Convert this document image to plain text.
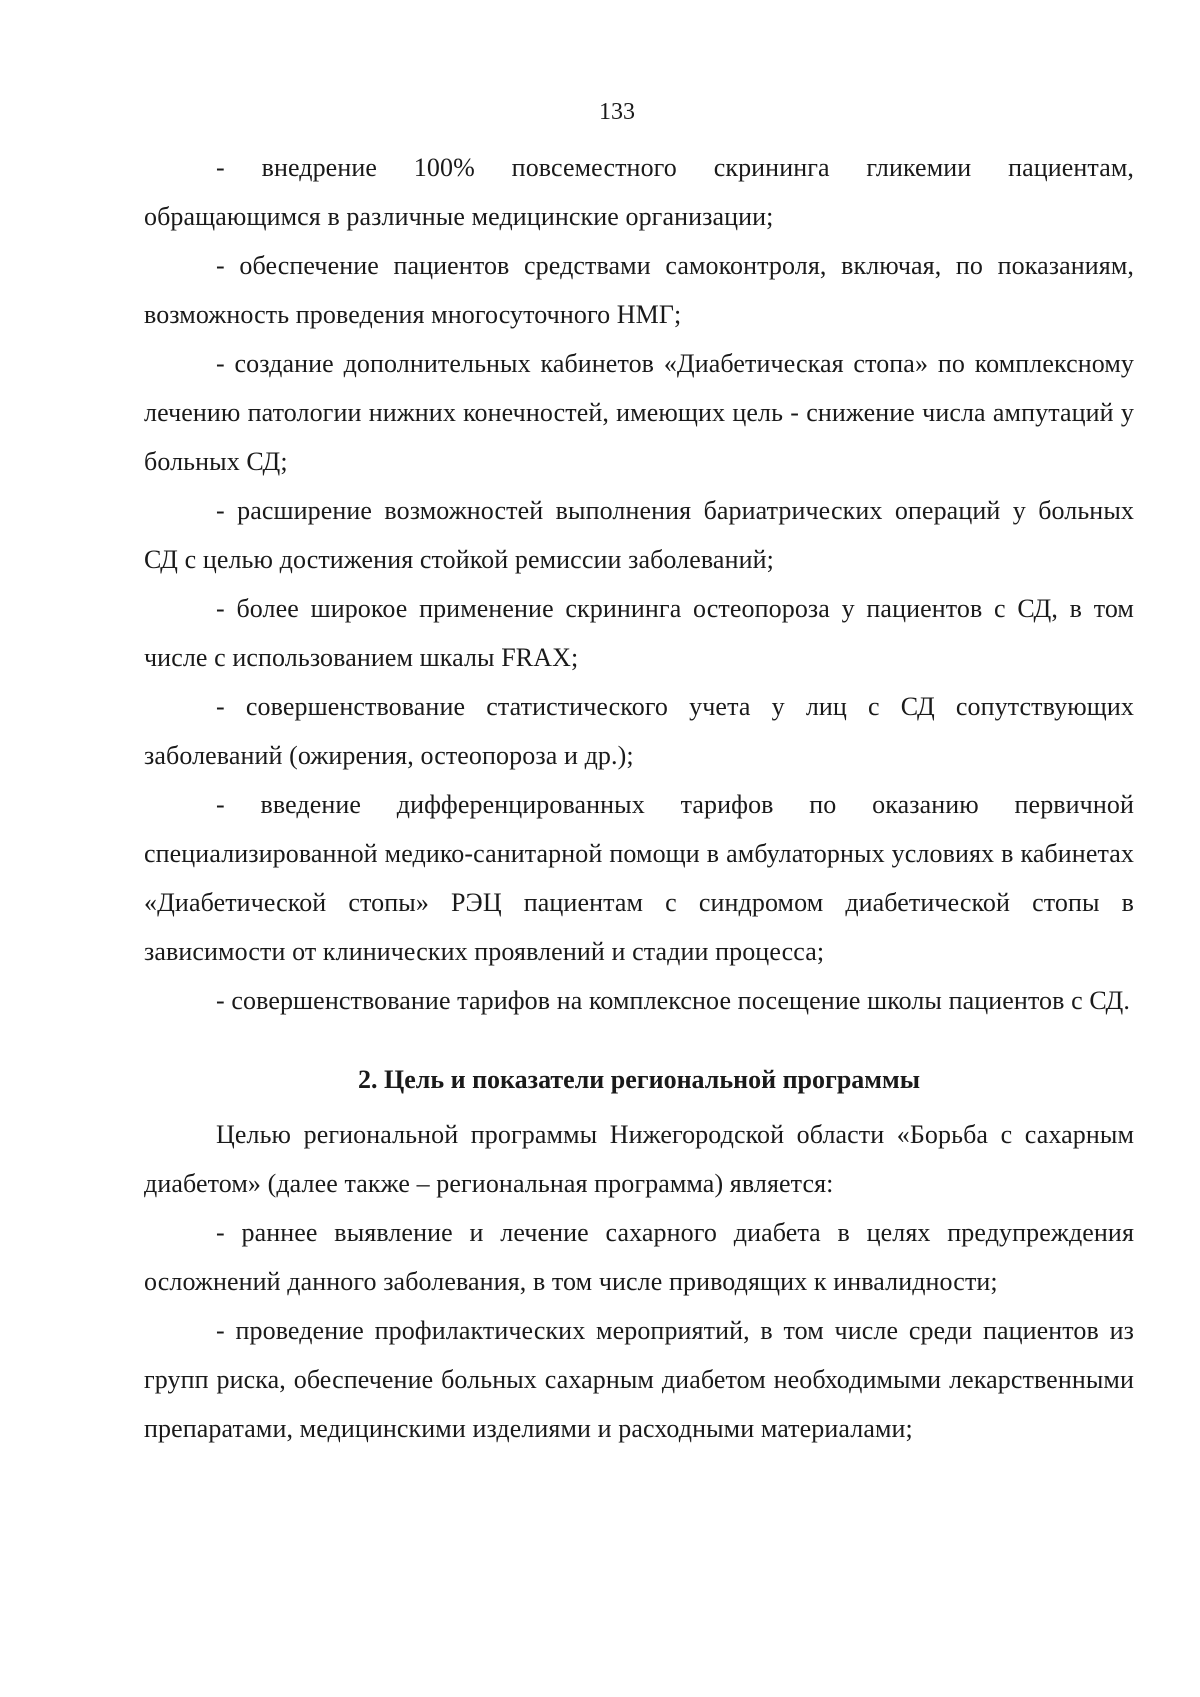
133

- внедрение 100% повсеместного скрининга гликемии пациентам, обращающимся в различные медицинские организации;

- обеспечение пациентов средствами самоконтроля, включая, по показаниям, возможность проведения многосуточного НМГ;

- создание дополнительных кабинетов «Диабетическая стопа» по комплексному лечению патологии нижних конечностей, имеющих цель - снижение числа ампутаций у больных СД;

- расширение возможностей выполнения бариатрических операций у больных СД с целью достижения стойкой ремиссии заболеваний;

- более широкое применение скрининга остеопороза у пациентов с СД, в том числе с использованием шкалы FRAX;

- совершенствование статистического учета у лиц с СД сопутствующих заболеваний (ожирения, остеопороза и др.);

- введение дифференцированных тарифов по оказанию первичной специализированной медико-санитарной помощи в амбулаторных условиях в кабинетах «Диабетической стопы» РЭЦ пациентам с синдромом диабетической стопы в зависимости от клинических проявлений и стадии процесса;

- совершенствование тарифов на комплексное посещение школы пациентов с СД.

2. Цель и показатели региональной программы

Целью региональной программы Нижегородской области «Борьба с сахарным диабетом» (далее также – региональная программа) является:

- раннее выявление и лечение сахарного диабета в целях предупреждения осложнений данного заболевания, в том числе приводящих к инвалидности;

- проведение профилактических мероприятий, в том числе среди пациентов из групп риска, обеспечение больных сахарным диабетом необходимыми лекарственными препаратами, медицинскими изделиями и расходными материалами;
